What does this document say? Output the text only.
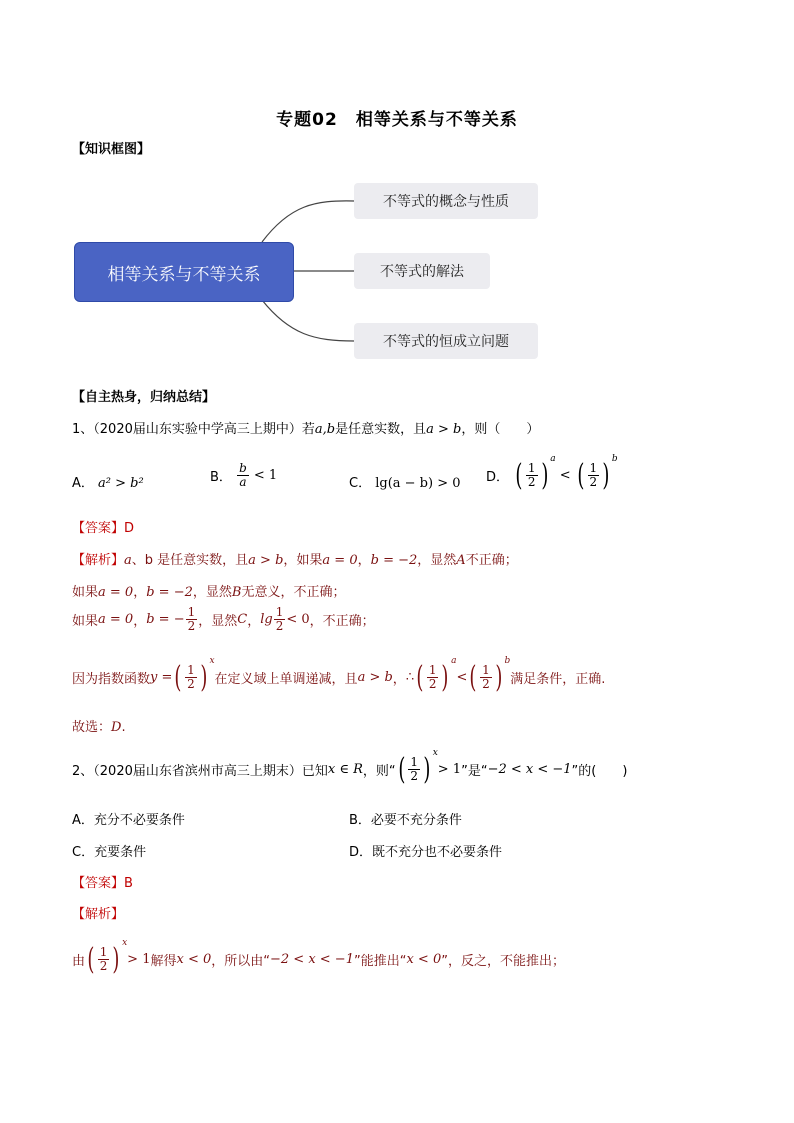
专题02　相等关系与不等关系
【知识框图】
相等关系与不等关系
不等式的概念与性质
不等式的解法
不等式的恒成立问题
【自主热身，归纳总结】
1、（2020届山东实验中学高三上期中）若a,b是任意实数，且a > b，则（　　）
A． a² > b²	B． $\frac{b}{a} < 1$
C． lg(a − b) > 0 D． ( $\frac{1}{2}$ ) $^a$ < ( $\frac{1}{2}$ ) $^b$
【答案】D
【解析】a、b 是任意实数，且a > b，如果a = 0，b = −2，显然A不正确；
如果a = 0，b = −2，显然B无意义，不正确；
如果a = 0，b = − $\frac{1}{2}$ ，显然C，$\lg \frac{1}{2} < 0$，不正确；
因为指数函数y =( $\frac{1}{2}$ ) $^x$在定义域上单调递减，且a > b，∴( $\frac{1}{2}$ ) $^a<( \frac{1}{2}$ ) $^b$满足条件，正确.
故选：D.
2、（2020届山东省滨州市高三上期末）已知x ∈ R，则“( $\frac{1}{2}$ ) $^x$> 1”是“−2 < x < −1”的(　　)
A．充分不必要条件	B．必要不充分条件
C．充要条件	D．既不充分也不必要条件
【答案】B
【解析】
由( $\frac{1}{2}$ ) $^x$> 1解得x < 0，所以由“−2 < x < −1”能推出“x < 0”，反之，不能推出；
